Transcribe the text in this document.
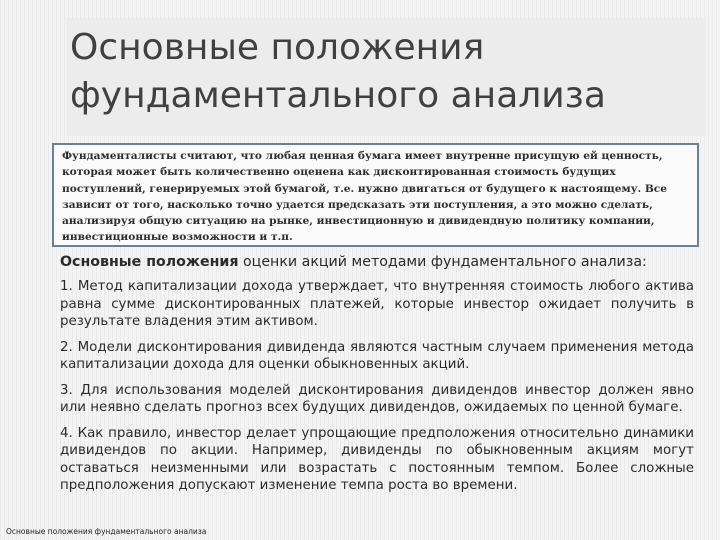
Основные положения
фундаментального анализа

Фундаменталисты считают, что любая ценная бумага имеет внутренне присущую ей ценность, которая может быть количественно оценена как дисконтированная стоимость будущих поступлений, генерируемых этой бумагой, т.е. нужно двигаться от будущего к настоящему. Все зависит от того, насколько точно удается предсказать эти поступления, а это можно сделать, анализируя общую ситуацию на рынке, инвестиционную и дивидендную политику компании, инвестиционные возможности и т.п.

Основные положения оценки акций методами фундаментального анализа:

1. Метод капитализации дохода утверждает, что внутренняя стоимость любого актива равна сумме дисконтированных платежей, которые инвестор ожидает получить в результате владения этим активом.

2. Модели дисконтирования дивиденда являются частным случаем применения метода капитализации дохода для оценки обыкновенных акций.

3. Для использования моделей дисконтирования дивидендов инвестор должен явно или неявно сделать прогноз всех будущих дивидендов, ожидаемых по ценной бумаге.

4. Как правило, инвестор делает упрощающие предположения относительно динамики дивидендов по акции. Например, дивиденды по обыкновенным акциям могут оставаться неизменными или возрастать с постоянным темпом. Более сложные предположения допускают изменение темпа роста во времени.

Основные положения фундаментального анализа
